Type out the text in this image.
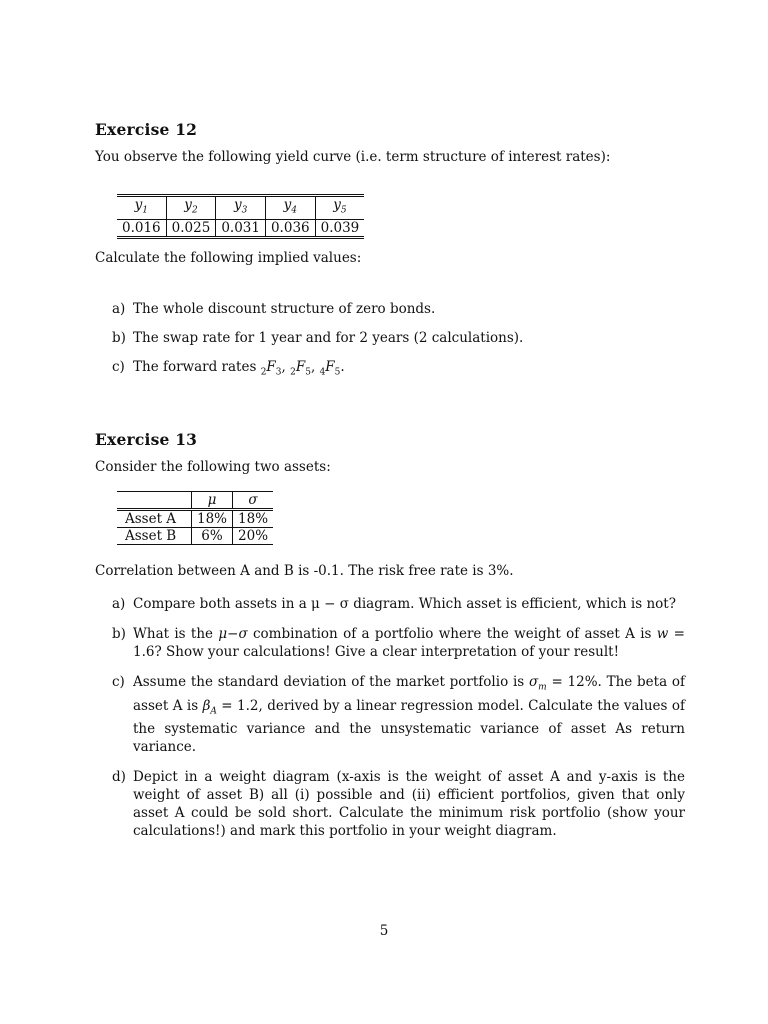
Exercise 12
You observe the following yield curve (i.e. term structure of interest rates):
$y_1$	$y_2$	$y_3$	$y_4$	$y_5$
0.016	0.025	0.031	0.036	0.039
Calculate the following implied values:
a) The whole discount structure of zero bonds.
b) The swap rate for 1 year and for 2 years (2 calculations).
c) The forward rates $_2F_3$, $_2F_5$, $_4F_5$.
Exercise 13
Consider the following two assets:
	μ	σ
Asset A	18%	18%
Asset B	6%	20%
Correlation between A and B is -0.1. The risk free rate is 3%.
a) Compare both assets in a μ − σ diagram. Which asset is efficient, which is not?
b) What is the μ−σ combination of a portfolio where the weight of asset A is w = 1.6? Show your calculations! Give a clear interpretation of your result!
c) Assume the standard deviation of the market portfolio is $\sigma_m = 12\%$. The beta of asset A is $\beta_A = 1.2$, derived by a linear regression model. Calculate the values of the systematic variance and the unsystematic variance of asset As return variance.
d) Depict in a weight diagram (x-axis is the weight of asset A and y-axis is the weight of asset B) all (i) possible and (ii) efficient portfolios, given that only asset A could be sold short. Calculate the minimum risk portfolio (show your calculations!) and mark this portfolio in your weight diagram.
5
